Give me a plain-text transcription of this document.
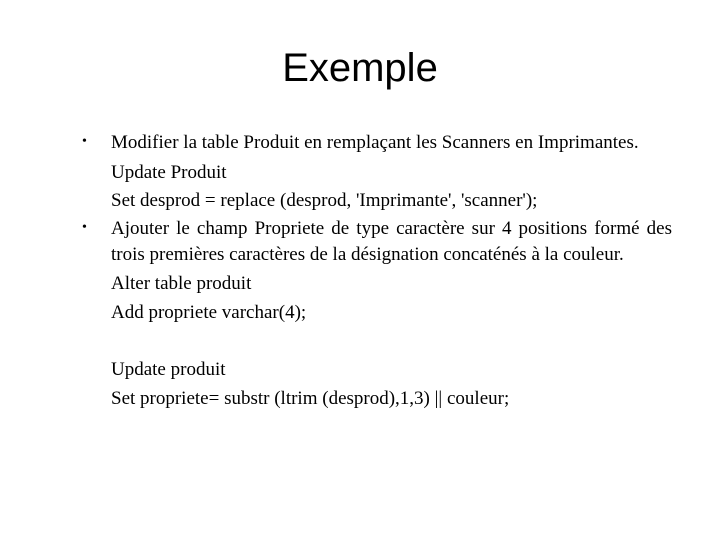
Exemple
•	Modifier la table Produit en remplaçant les Scanners en Imprimantes.
Update Produit
Set desprod = replace (desprod, 'Imprimante', 'scanner');
•	Ajouter le champ Propriete de type caractère sur 4 positions formé des trois premières caractères de la désignation concaténés à la couleur.
Alter table produit
Add propriete varchar(4);
Update produit
Set propriete= substr (ltrim (desprod),1,3) || couleur;
